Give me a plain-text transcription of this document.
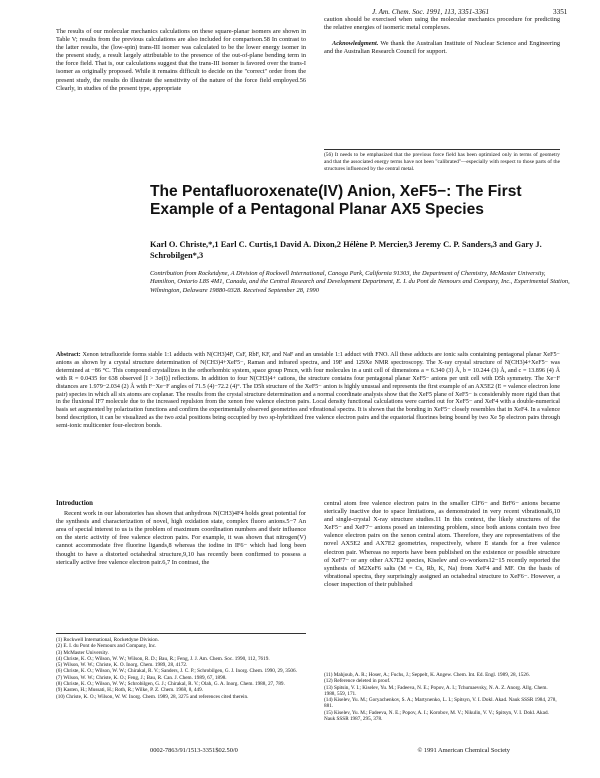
J. Am. Chem. Soc. 1991, 113, 3351-3361	3351
The results of our molecular mechanics calculations on these square-planar isomers are shown in Table V; results from the previous calculations are also included for comparison.58 In contrast to the latter results, the (low-spin) trans-III isomer was calculated to be the lower energy isomer in the present study, a result largely attributable to the presence of the out-of-plane bending term in the force field. That is, our calculations suggest that the trans-III isomer is favored over the trans-I isomer as originally proposed. While it remains difficult to decide on the "correct" order from the present study, the results do illustrate the sensitivity of the nature of the force field employed.56 Clearly, in studies of the present type, appropriate
caution should be exercised when using the molecular mechanics procedure for predicting the relative energies of isomeric metal complexes.
Acknowledgment. We thank the Australian Institute of Nuclear Science and Engineering and the Australian Research Council for support.
(56) It needs to be emphasized that the previous force field has been optimized only in terms of geometry and that the associated energy terms have not been "calibrated"—especially with respect to those parts of the structures influenced by the central metal.
The Pentafluoroxenate(IV) Anion, XeF5−: The First Example of a Pentagonal Planar AX5 Species
Karl O. Christe,*,1 Earl C. Curtis,1 David A. Dixon,2 Hélène P. Mercier,3 Jeremy C. P. Sanders,3 and Gary J. Schrobilgen*,3
Contribution from Rocketdyne, A Division of Rockwell International, Canoga Park, California 91303, the Department of Chemistry, McMaster University, Hamilton, Ontario L8S 4M1, Canada, and the Central Research and Development Department, E. I. du Pont de Nemours and Company, Inc., Experimental Station, Wilmington, Delaware 19880-0328. Received September 28, 1990
Abstract: Xenon tetrafluoride forms stable 1:1 adducts with N(CH3)4F, CsF, RbF, KF, and NaF and an unstable 1:1 adduct with FNO. All these adducts are ionic salts containing pentagonal planar XeF5− anions as shown by a crystal structure determination of N(CH3)4+XeF5−, Raman and infrared spectra, and 19F and 129Xe NMR spectroscopy. The X-ray crystal structure of N(CH3)4+XeF5− was determined at −86 °C. This compound crystallizes in the orthorhombic system, space group Pmcn, with four molecules in a unit cell of dimensions a = 6.340 (3) Å, b = 10.244 (3) Å, and c = 13.896 (4) Å with R = 0.0435 for 638 observed [I > 3σ(I)] reflections. In addition to four N(CH3)4+ cations, the structure contains four pentagonal planar XeF5− anions per unit cell with D5h symmetry. The Xe−F distances are 1.979−2.034 (2) Å with F−Xe−F angles of 71.5 (4)−72.2 (4)°. The D5h structure of the XeF5− anion is highly unusual and represents the first example of an AX5E2 (E = valence electron lone pair) species in which all six atoms are coplanar. The results from the crystal structure determination and a normal coordinate analysis show that the XeF5 plane of XeF5− is considerably more rigid than that in the fluxional IF7 molecule due to the increased repulsion from the xenon free valence electron pairs. Local density functional calculations were carried out for XeF5− and XeF4 with a double-numerical basis set augmented by polarization functions and confirm the experimentally observed geometries and vibrational spectra. It is shown that the bonding in XeF5− closely resembles that in XeF4. In a valence bond description, it can be visualized as the two axial positions being occupied by two sp-hybridized free valence electron pairs and the equatorial fluorines being bound by two Xe 5p electron pairs through semi-ionic multicenter four-electron bonds.
Introduction
Recent work in our laboratories has shown that anhydrous N(CH3)4F4 holds great potential for the synthesis and characterization of novel, high oxidation state, complex fluoro anions.5−7 An area of special interest to us is the problem of maximum coordination numbers and their influence on the steric activity of free valence electron pairs. For example, it was shown that nitrogen(V) cannot accommodate five fluorine ligands,8 whereas the iodine in IF6− which had long been thought to have a distorted octahedral structure,9,10 has recently been confirmed to possess a sterically active free valence electron pair.6,7 In contrast, the
central atom free valence electron pairs in the smaller ClF6− and BrF6− anions became sterically inactive due to space limitations, as demonstrated in very recent vibrational6,10 and single-crystal X-ray structure studies.11 In this context, the likely structures of the XeF5− and XeF7− anions posed an interesting problem, since both anions contain two free valence electron pairs on the xenon central atom. Therefore, they are representatives of the novel AX5E2 and AX7E2 geometries, respectively, where E stands for a free valence electron pair. Whereas no reports have been published on the existence or possible structure of XeF7− or any other AX7E2 species, Kiselev and co-workers12−15 recently reported the synthesis of M2XeF6 salts (M = Cs, Rb, K, Na) from XeF4 and MF. On the basis of vibrational spectra, they surprisingly assigned an octahedral structure to XeF6−. However, a closer inspection of their published

(1) Rockwell International, Rocketdyne Division.

(2) E. I. du Pont de Nemours and Company, Inc.

(3) McMaster University.

(4) Christe, K. O.; Wilson, W. W.; Wilson, R. D.; Bau, R.; Feng, J. J. Am. Chem. Soc. 1990, 112, 7619.

(5) Wilson, W. W.; Christe, K. O. Inorg. Chem. 1989, 28, 4172.

(6) Christe, K. O.; Wilson, W. W.; Chirakal, R. V.; Sanders, J. C. P.; Schrobilgen, G. J. Inorg. Chem. 1990, 29, 3506.

(7) Wilson, W. W.; Christe, K. O.; Feng, J.; Bau, R. Can. J. Chem. 1989, 67, 1898.

(8) Christe, K. O.; Wilson, W. W.; Schrobilgen, G. J.; Chirakal, R. V.; Olah, G. A. Inorg. Chem. 1988, 27, 789.

(9) Kasten, H.; Mussati, H.; Roth, R.; Wilke, P. Z. Chem. 1968, 8, 449.

(10) Christe, K. O.; Wilson, W. W. Inorg. Chem. 1989, 28, 3275 and references cited therein.

(11) Mahjoub, A. R.; Hoser, A.; Fuchs, J.; Seppelt, K. Angew. Chem. Int. Ed. Engl. 1989, 28, 1526.

(12) Reference deleted in proof.

(13) Spitsin, V. I.; Kiselev, Yu. M.; Fadeeva, N. E.; Popov, A. I.; Tchumaevsky, N. A. Z. Anorg. Allg. Chem. 1988, 559, 171.

(14) Kiselev, Yu. M.; Goryachenkov, S. A.; Martynenko, L. I.; Spitsyn, V. I. Dokl. Akad. Nauk SSSR 1984, 278, 881.

(15) Kiselev, Yu. M.; Fadeeva, N. E.; Popov, A. I.; Korobov, M. V.; Nikulin, V. V.; Spitsyn, V. I. Dokl. Akad. Nauk SSSR 1987, 295, 378.

0002-7863/91/1513-3351$02.50/0	© 1991 American Chemical Society
